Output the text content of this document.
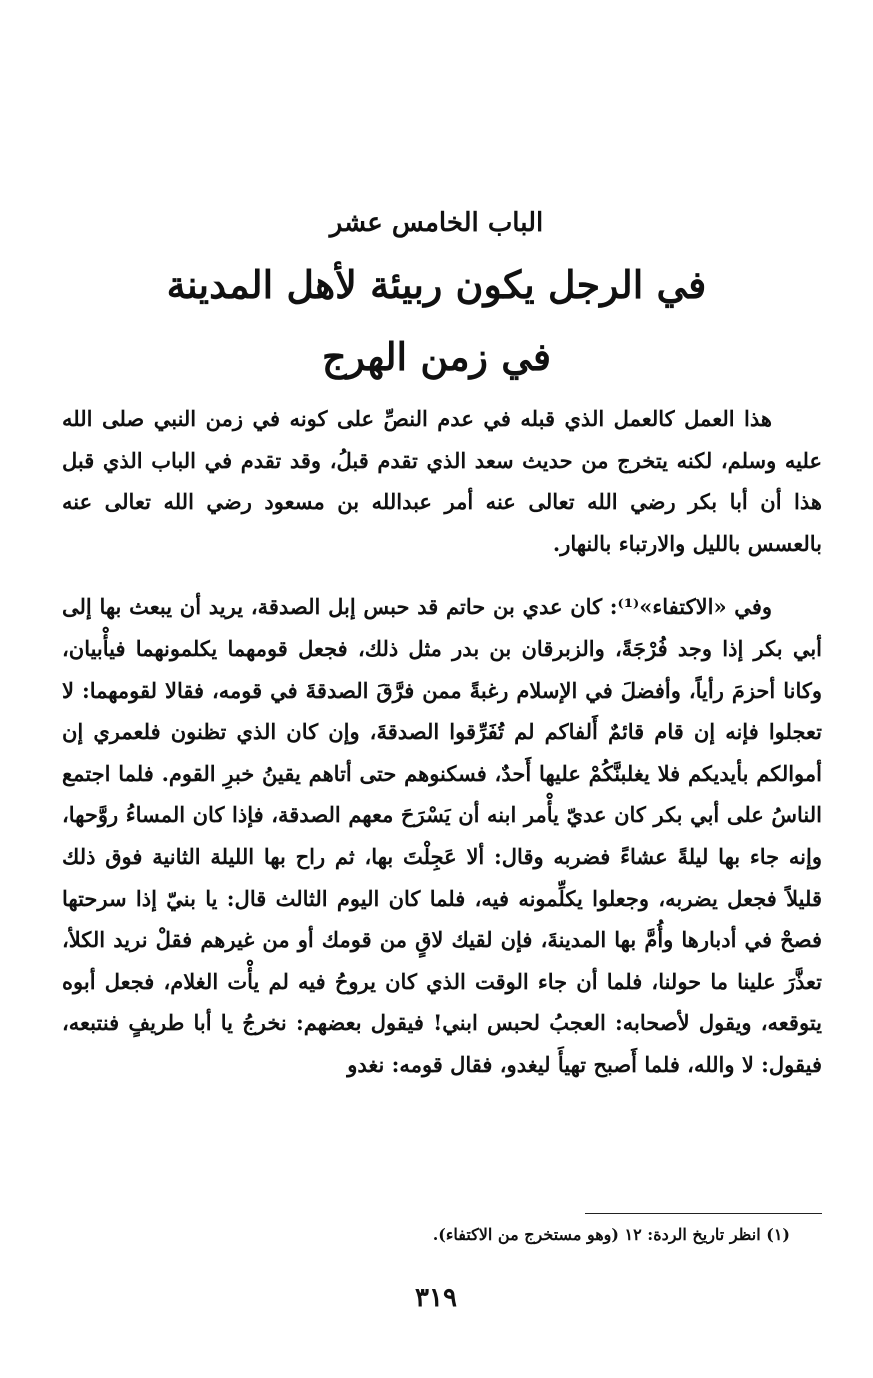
الباب الخامس عشر
في الرجل يكون ربيئة لأهل المدينة
في زمن الهرج

هذا العمل كالعمل الذي قبله في عدم النصِّ على كونه في زمن النبي صلى الله عليه وسلم، لكنه يتخرج من حديث سعد الذي تقدم قبلُ، وقد تقدم في الباب الذي قبل هذا أن أبا بكر رضي الله تعالى عنه أمر عبدالله بن مسعود رضي الله تعالى عنه بالعسس بالليل والارتباء بالنهار.

وفي «الاكتفاء»⁽¹⁾: كان عدي بن حاتم قد حبس إبل الصدقة، يريد أن يبعث بها إلى أبي بكر إذا وجد فُرْجَةً، والزبرقان بن بدر مثل ذلك، فجعل قومهما يكلمونهما فيأْبيان، وكانا أحزمَ رأياً، وأفضلَ في الإسلام رغبةً ممن فرَّقَ الصدقةَ في قومه، فقالا لقومهما: لا تعجلوا فإنه إن قام قائمٌ أَلفاكم لم تُفَرِّقوا الصدقةَ، وإن كان الذي تظنون فلعمري إن أموالكم بأيديكم فلا يغلبنَّكُمْ عليها أَحدٌ، فسكنوهم حتى أتاهم يقينُ خبرِ القوم. فلما اجتمع الناسُ على أبي بكر كان عديّ يأْمر ابنه أن يَسْرَحَ معهم الصدقة، فإذا كان المساءُ روَّحها، وإنه جاء بها ليلةً عشاءً فضربه وقال: ألا عَجِلْتَ بها، ثم راح بها الليلة الثانية فوق ذلك قليلاً فجعل يضربه، وجعلوا يكلِّمونه فيه، فلما كان اليوم الثالث قال: يا بنيّ إذا سرحتها فصحْ في أدبارها وأُمَّ بها المدينةَ، فإن لقيك لاقٍ من قومك أو من غيرهم فقلْ نريد الكلأ، تعذَّرَ علينا ما حولنا، فلما أن جاء الوقت الذي كان يروحُ فيه لم يأْت الغلام، فجعل أبوه يتوقعه، ويقول لأصحابه: العجبُ لحبس ابني! فيقول بعضهم: نخرجُ يا أبا طريفٍ فنتبعه، فيقول: لا والله، فلما أَصبح تهيأَ ليغدو، فقال قومه: نغدو

(١) انظر تاريخ الردة: ١٢ (وهو مستخرج من الاكتفاء).
٣١٩
